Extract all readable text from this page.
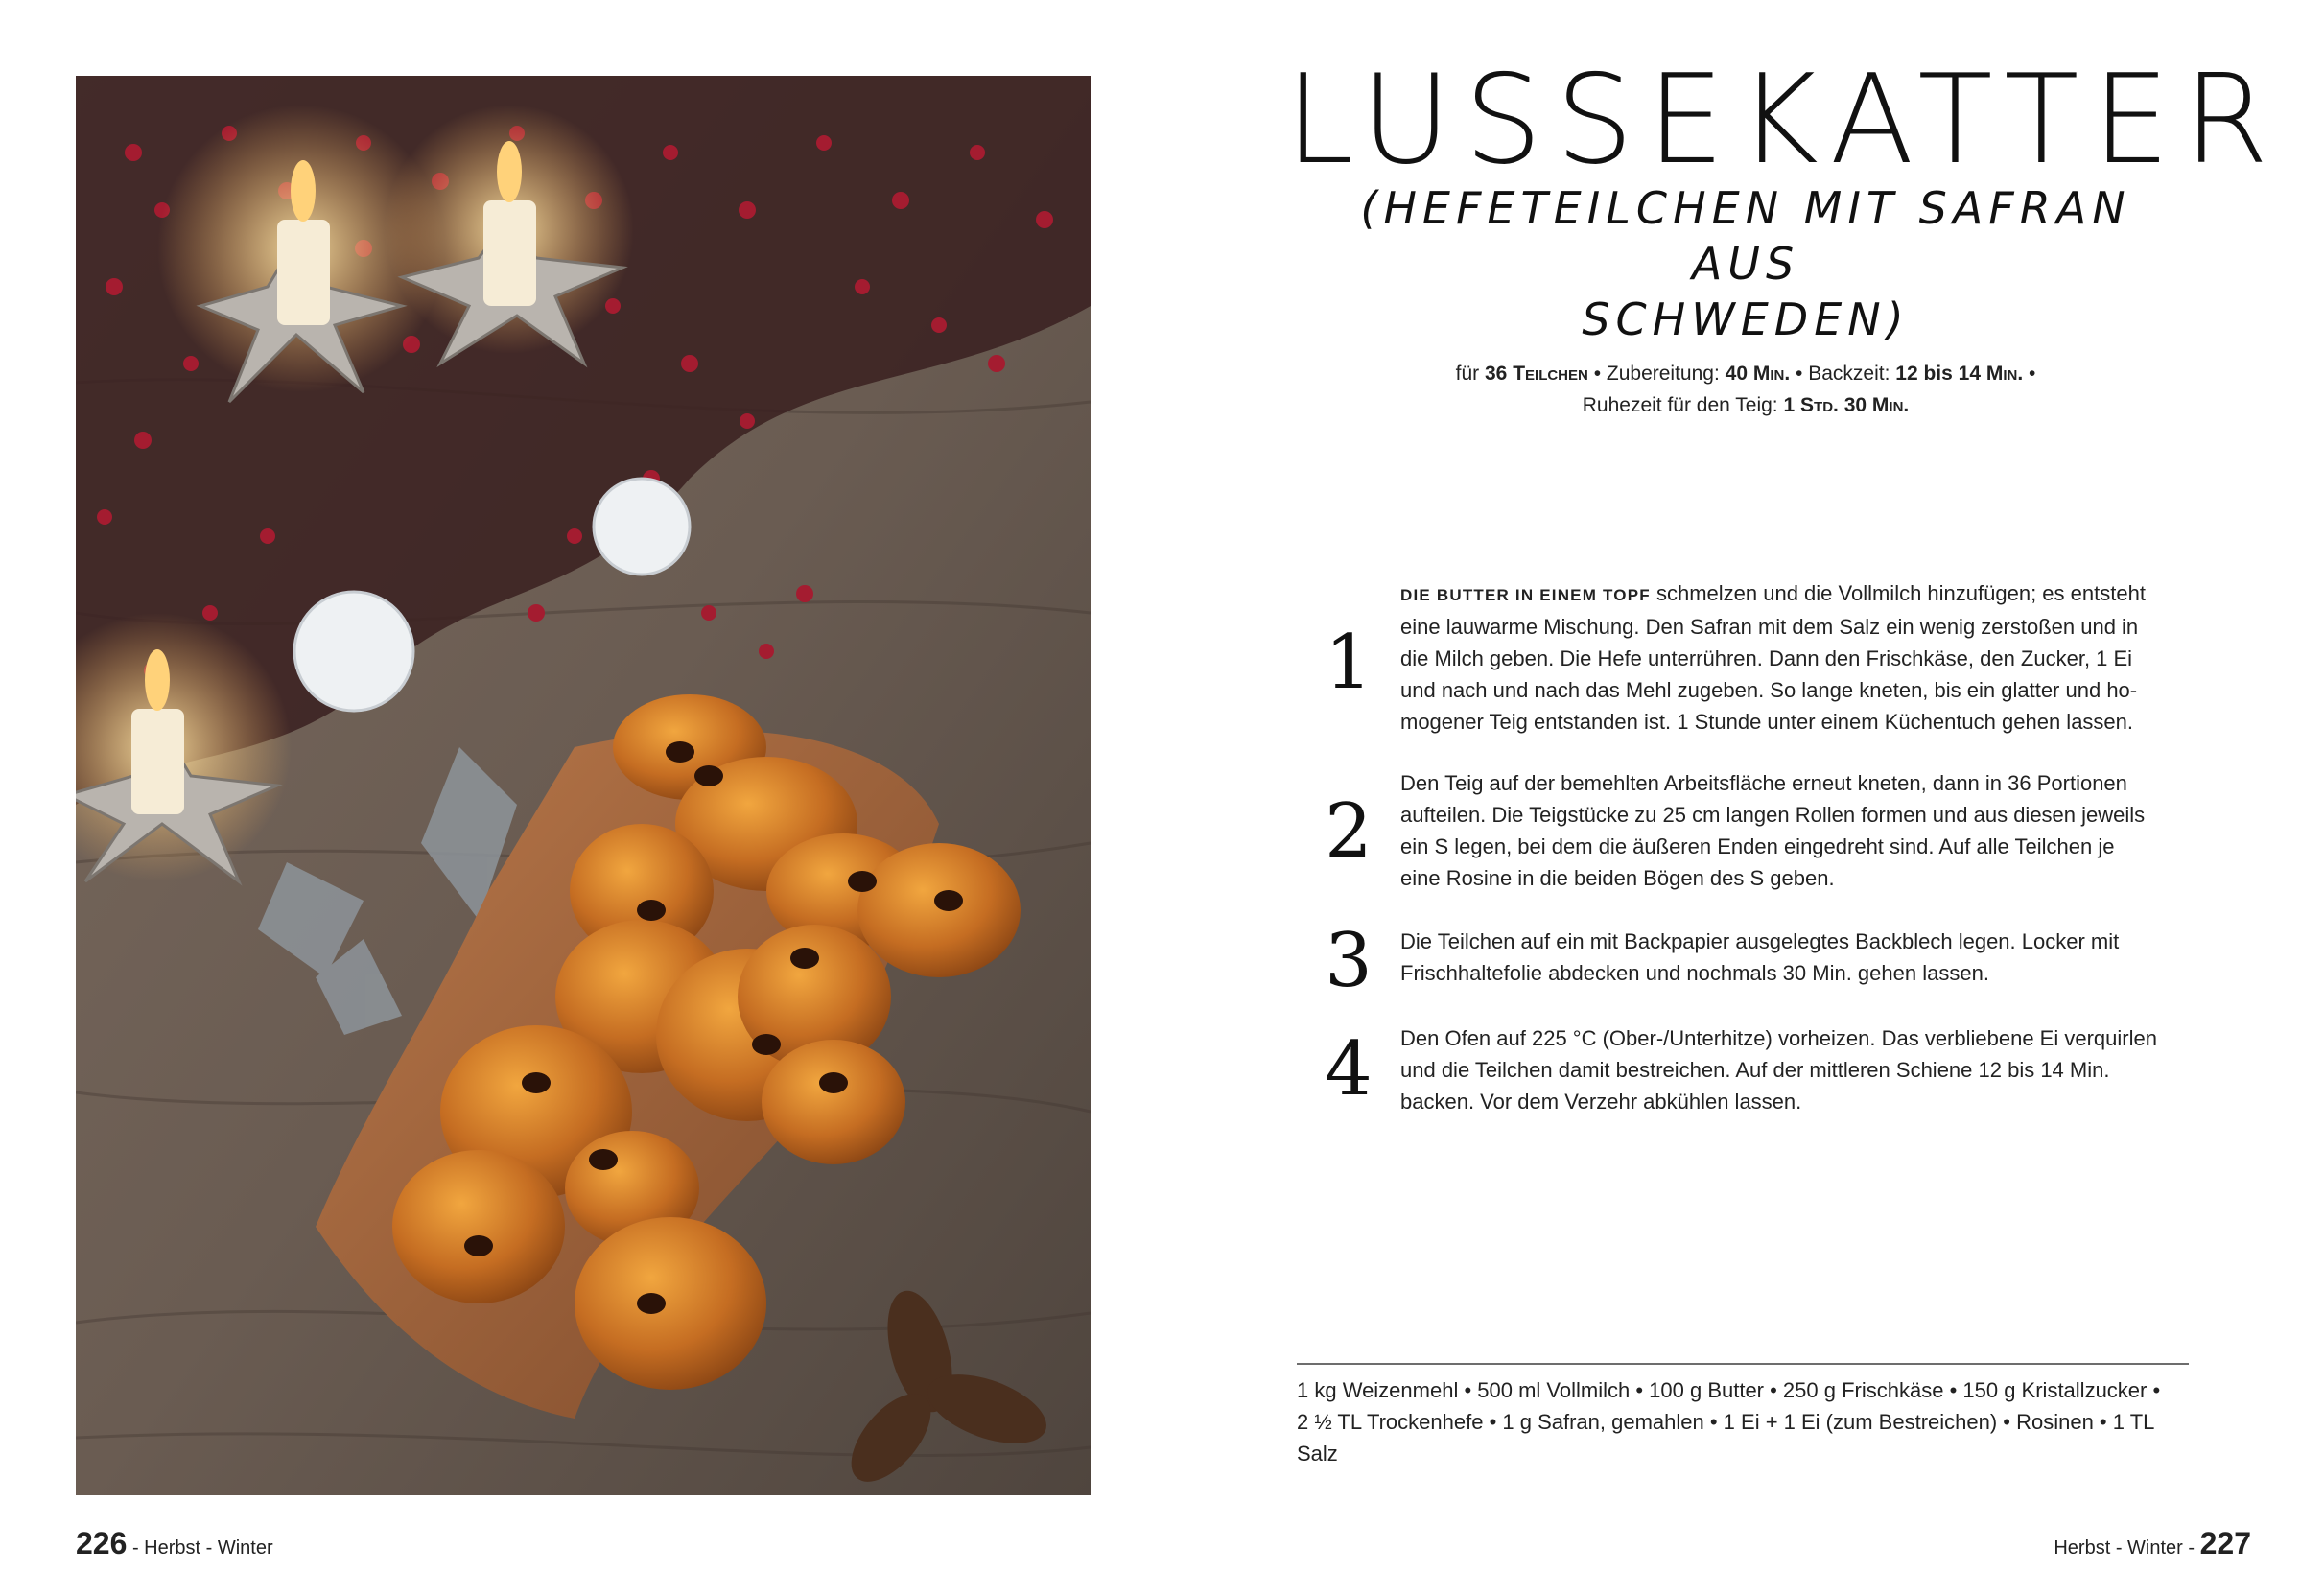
LUSSEKATTER
(HEFETEILCHEN MIT SAFRAN AUS
SCHWEDEN)
für 36 Teilchen • Zubereitung: 40 Min. • Backzeit: 12 bis 14 Min. •
Ruhezeit für den Teig: 1 Std. 30 Min.
1
DIE BUTTER IN EINEM TOPF schmelzen und die Vollmilch hinzufügen; es entsteht
eine lauwarme Mischung. Den Safran mit dem Salz ein wenig zerstoßen und in
die Milch geben. Die Hefe unterrühren. Dann den Frischkäse, den Zucker, 1 Ei
und nach und nach das Mehl zugeben. So lange kneten, bis ein glatter und ho-
mogener Teig entstanden ist. 1 Stunde unter einem Küchentuch gehen lassen.
2
Den Teig auf der bemehlten Arbeitsfläche erneut kneten, dann in 36 Portionen
aufteilen. Die Teigstücke zu 25 cm langen Rollen formen und aus diesen jeweils
ein S legen, bei dem die äußeren Enden eingedreht sind. Auf alle Teilchen je
eine Rosine in die beiden Bögen des S geben.
3	Die Teilchen auf ein mit Backpapier ausgelegtes Backblech legen. Locker mit
Frischhaltefolie abdecken und nochmals 30 Min. gehen lassen.
4	Den Ofen auf 225 °C (Ober-/Unterhitze) vorheizen. Das verbliebene Ei verquirlen
und die Teilchen damit bestreichen. Auf der mittleren Schiene 12 bis 14 Min.
backen. Vor dem Verzehr abkühlen lassen.
1 kg Weizenmehl • 500 ml Vollmilch • 100 g Butter • 250 g Frischkäse • 150 g Kristallzucker •
2 ½ TL Trockenhefe • 1 g Safran, gemahlen • 1 Ei + 1 Ei (zum Bestreichen) • Rosinen • 1 TL
Salz
226 - Herbst - Winter	Herbst - Winter - 227
